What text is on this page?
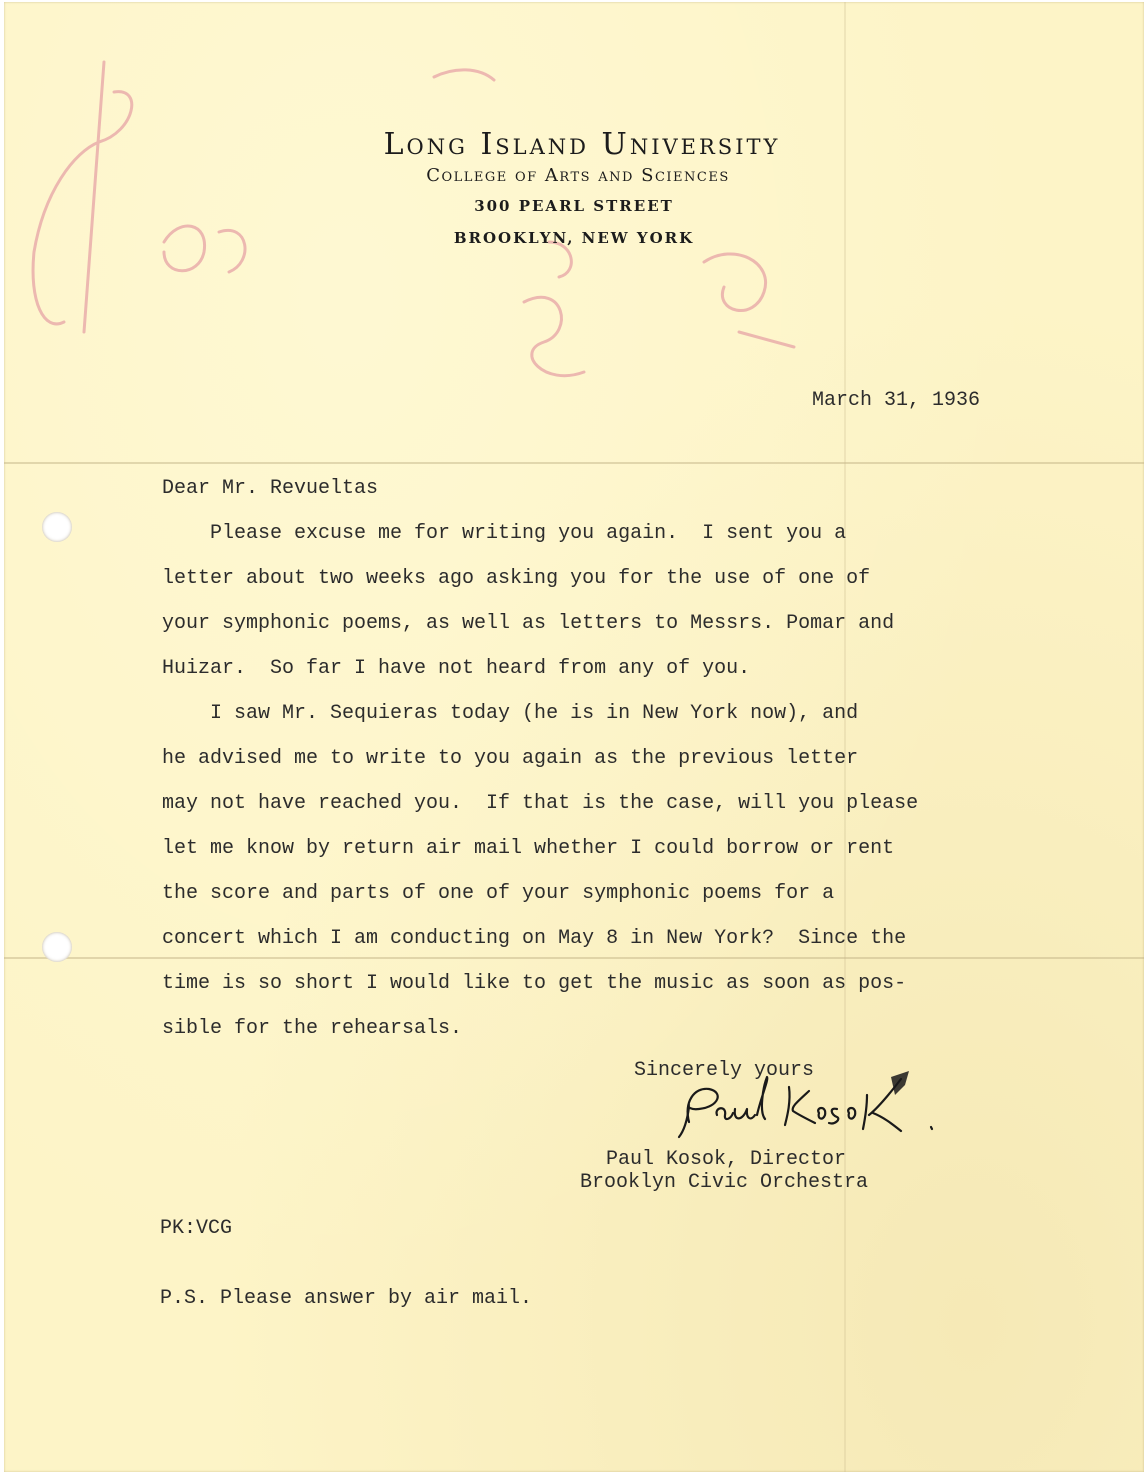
Long Island University
College of Arts and Sciences
300 PEARL STREET
BROOKLYN, NEW YORK
March 31, 1936
Dear Mr. Revueltas
Please excuse me for writing you again.  I sent you a
letter about two weeks ago asking you for the use of one of
your symphonic poems, as well as letters to Messrs. Pomar and
Huizar.  So far I have not heard from any of you.
I saw Mr. Sequieras today (he is in New York now), and
he advised me to write to you again as the previous letter
may not have reached you.  If that is the case, will you please
let me know by return air mail whether I could borrow or rent
the score and parts of one of your symphonic poems for a
concert which I am conducting on May 8 in New York?  Since the
time is so short I would like to get the music as soon as pos-
sible for the rehearsals.
Sincerely yours
Paul Kosok, Director
Brooklyn Civic Orchestra
PK:VCG
P.S. Please answer by air mail.
